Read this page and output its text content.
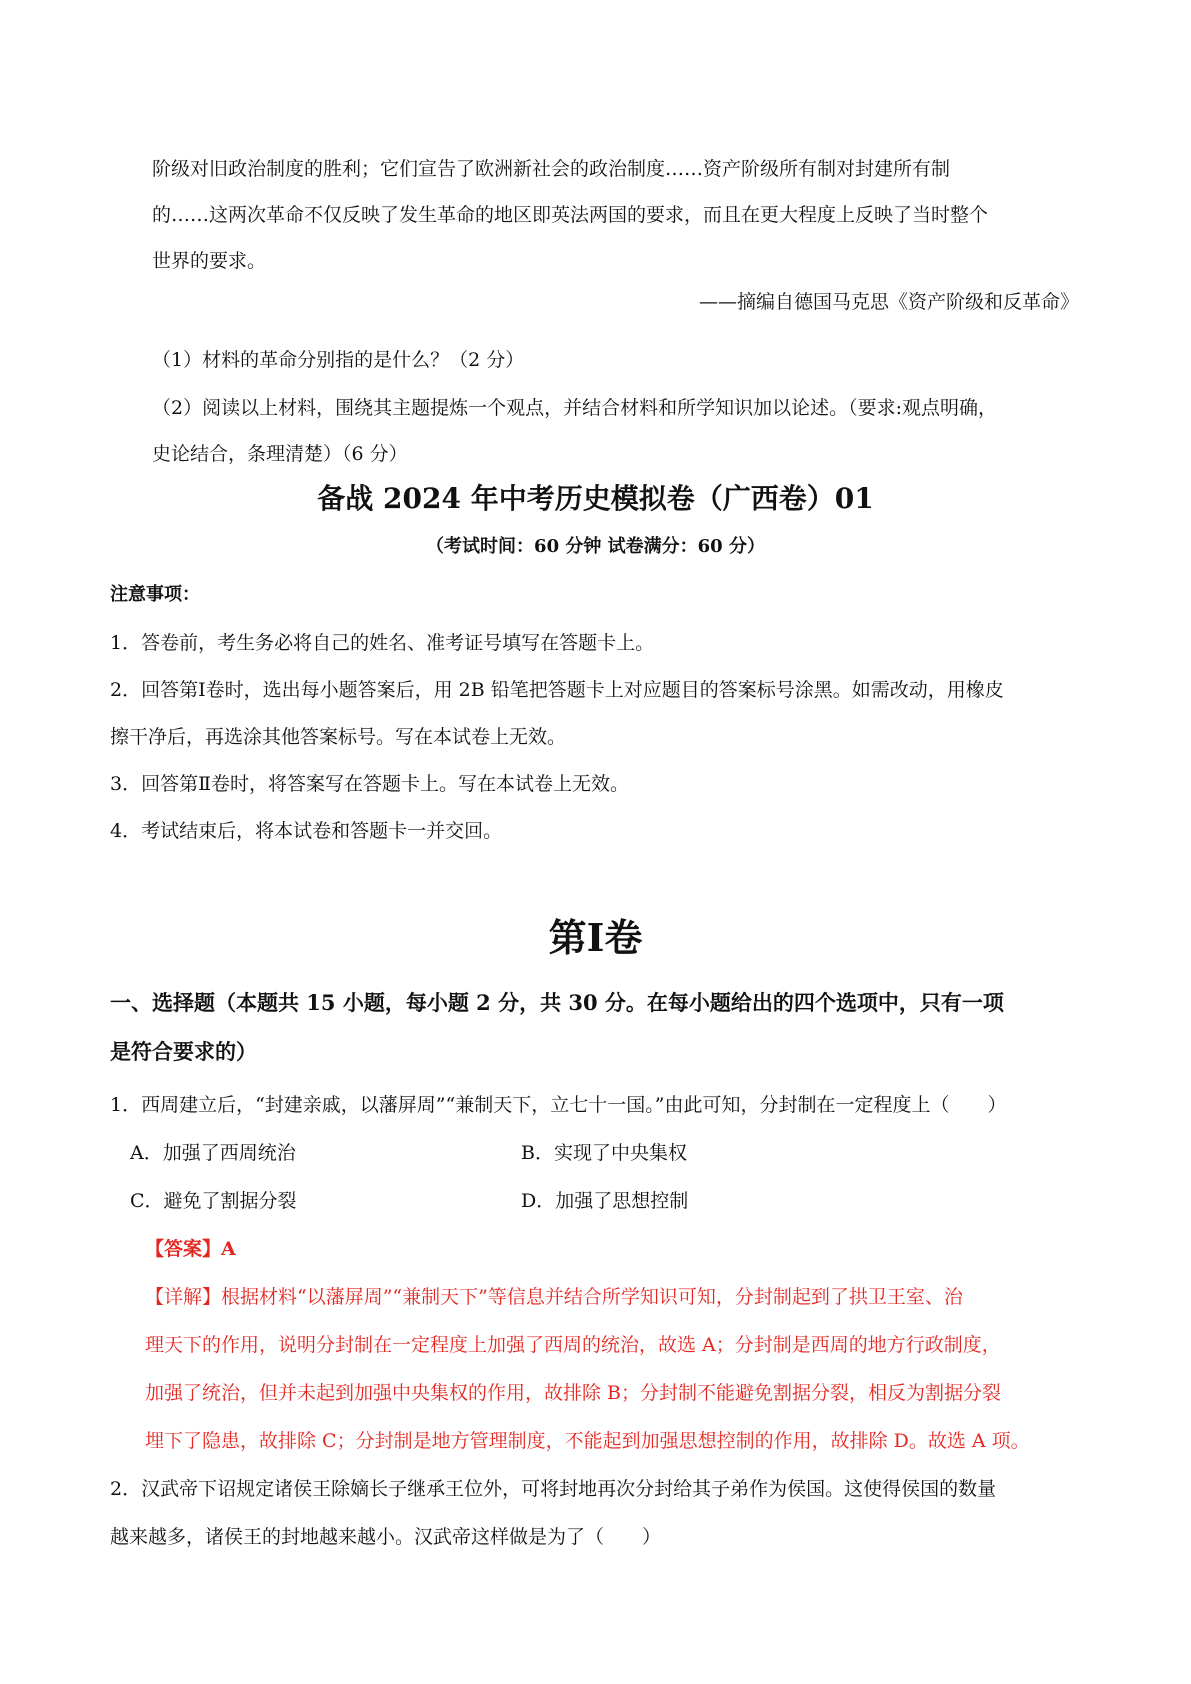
阶级对旧政治制度的胜利；它们宣告了欧洲新社会的政治制度……资产阶级所有制对封建所有制

的……这两次革命不仅反映了发生革命的地区即英法两国的要求，而且在更大程度上反映了当时整个

世界的要求。

——摘编自德国马克思《资产阶级和反革命》

（1）材料的革命分别指的是什么？（2 分）

（2）阅读以上材料，围绕其主题提炼一个观点，并结合材料和所学知识加以论述。（要求:观点明确，

史论结合，条理清楚）（6 分）

备战 2024 年中考历史模拟卷（广西卷）01

（考试时间：60 分钟 试卷满分：60 分）

注意事项：

1．答卷前，考生务必将自己的姓名、准考证号填写在答题卡上。

2．回答第Ⅰ卷时，选出每小题答案后，用 2B 铅笔把答题卡上对应题目的答案标号涂黑。如需改动，用橡皮

擦干净后，再选涂其他答案标号。写在本试卷上无效。

3．回答第Ⅱ卷时，将答案写在答题卡上。写在本试卷上无效。

4．考试结束后，将本试卷和答题卡一并交回。

第Ⅰ卷

一、选择题（本题共 15 小题，每小题 2 分，共 30 分。在每小题给出的四个选项中，只有一项

是符合要求的）

1．西周建立后，“封建亲戚，以藩屏周”“兼制天下，立七十一国。”由此可知，分封制在一定程度上（　　）

A．加强了西周统治	B．实现了中央集权

C．避免了割据分裂	D．加强了思想控制

【答案】A

【详解】根据材料“以藩屏周”“兼制天下”等信息并结合所学知识可知，分封制起到了拱卫王室、治

理天下的作用，说明分封制在一定程度上加强了西周的统治，故选 A；分封制是西周的地方行政制度，

加强了统治，但并未起到加强中央集权的作用，故排除 B；分封制不能避免割据分裂，相反为割据分裂

埋下了隐患，故排除 C；分封制是地方管理制度，不能起到加强思想控制的作用，故排除 D。故选 A 项。

2．汉武帝下诏规定诸侯王除嫡长子继承王位外，可将封地再次分封给其子弟作为侯国。这使得侯国的数量

越来越多，诸侯王的封地越来越小。汉武帝这样做是为了（　　）
